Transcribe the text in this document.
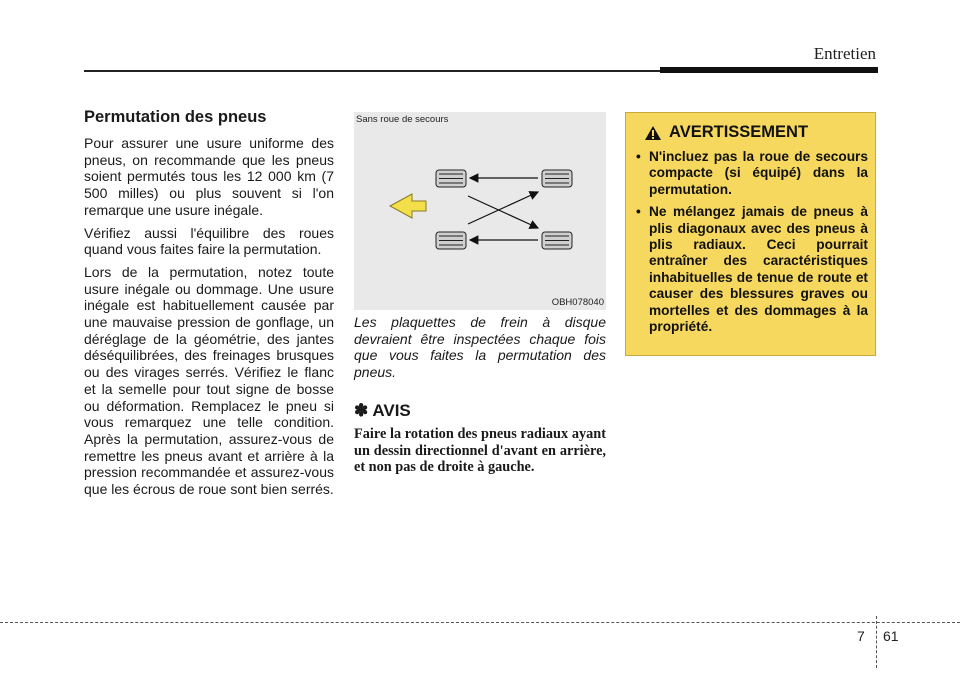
Entretien
Permutation des pneus

Pour assurer une usure uniforme des pneus, on recommande que les pneus soient permutés tous les 12 000 km (7 500 milles) ou plus souvent si l'on remarque une usure inégale.

Vérifiez aussi l'équilibre des roues quand vous faites faire la permutation.

Lors de la permutation, notez toute usure inégale ou dommage. Une usure inégale est habituellement causée par une mauvaise pression de gonflage, un déréglage de la géométrie, des jantes déséquilibrées, des freinages brusques ou des virages serrés. Vérifiez le flanc et la semelle pour tout signe de bosse ou déformation. Remplacez le pneu si vous remarquez une telle condition. Après la permutation, assurez-vous de remettre les pneus avant et arrière à la pression recommandée et assurez-vous que les écrous de roue sont bien serrés.

Sans roue de secours
OBH078040

Les plaquettes de frein à disque devraient être inspectées chaque fois que vous faites la permutation des pneus.

✽ AVIS

Faire la rotation des pneus radiaux ayant un dessin directionnel d'avant en arrière, et non pas de droite à gauche.

AVERTISSEMENT
• N'incluez pas la roue de secours compacte (si équipé) dans la permutation.
• Ne mélangez jamais de pneus à plis diagonaux avec des pneus à plis radiaux. Ceci pourrait entraîner des caractéristiques inhabituelles de tenue de route et causer des blessures graves ou mortelles et des dommages à la propriété.
7 61
